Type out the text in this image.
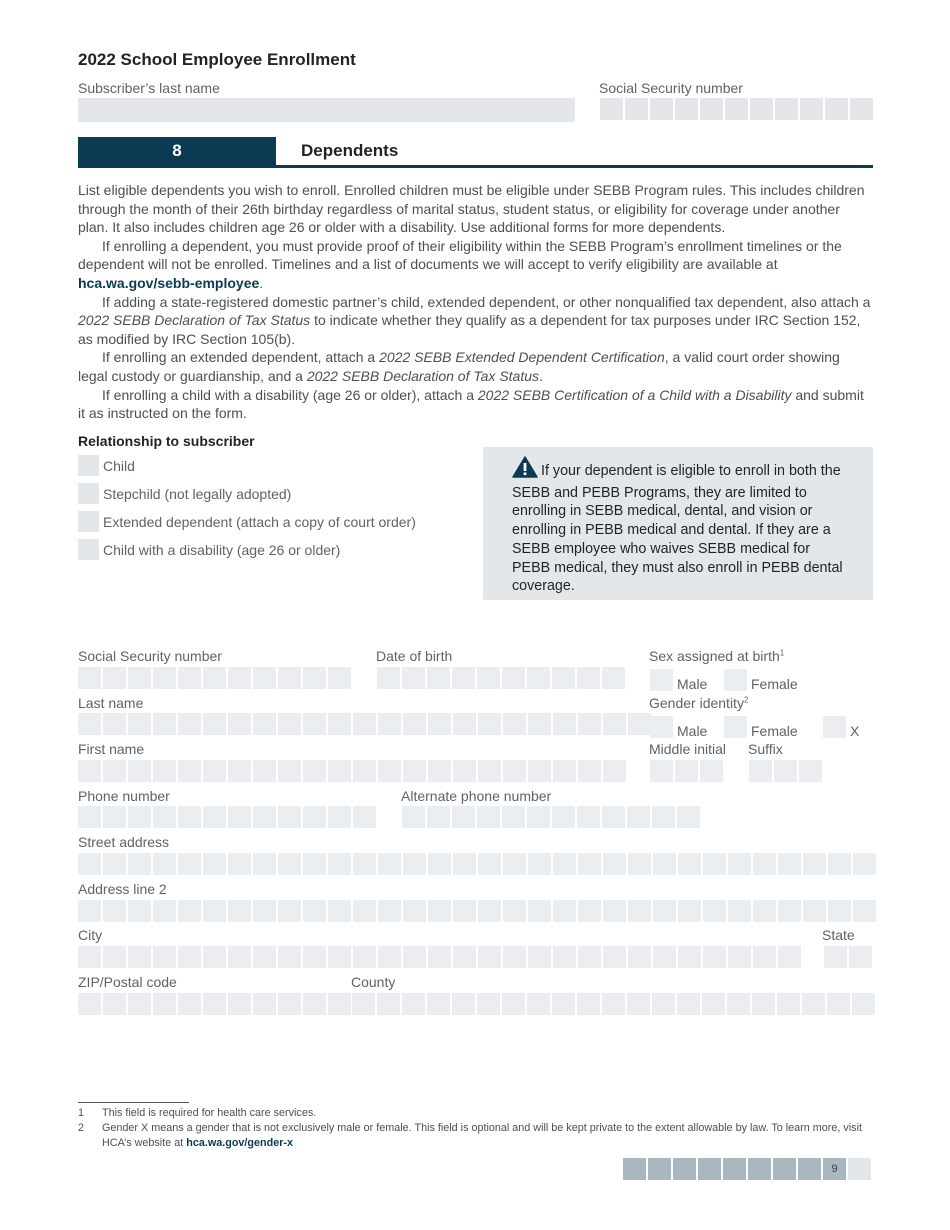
2022 School Employee Enrollment
Subscriber’s last name	Social Security number
8	Dependents

List eligible dependents you wish to enroll. Enrolled children must be eligible under SEBB Program rules. This includes children through the month of their 26th birthday regardless of marital status, student status, or eligibility for coverage under another plan. It also includes children age 26 or older with a disability. Use additional forms for more dependents.

If enrolling a dependent, you must provide proof of their eligibility within the SEBB Program’s enrollment timelines or the dependent will not be enrolled. Timelines and a list of documents we will accept to verify eligibility are available at hca.wa.gov/sebb-employee.

If adding a state-registered domestic partner’s child, extended dependent, or other nonqualified tax dependent, also attach a 2022 SEBB Declaration of Tax Status to indicate whether they qualify as a dependent for tax purposes under IRC Section 152, as modified by IRC Section 105(b).

If enrolling an extended dependent, attach a 2022 SEBB Extended Dependent Certification, a valid court order showing legal custody or guardianship, and a 2022 SEBB Declaration of Tax Status.

If enrolling a child with a disability (age 26 or older), attach a 2022 SEBB Certification of a Child with a Disability and submit it as instructed on the form.

Relationship to subscriber
Child
Stepchild (not legally adopted)
Extended dependent (attach a copy of court order)
Child with a disability (age 26 or older)
If your dependent is eligible to enroll in both the SEBB and PEBB Programs, they are limited to enrolling in SEBB medical, dental, and vision or enrolling in PEBB medical and dental. If they are a SEBB employee who waives SEBB medical for PEBB medical, they must also enroll in PEBB dental coverage.
Social Security number	Date of birth	Sex assigned at birth$^1$
Male	Female
Last name	Gender identity$^2$
Male	Female	X
First name	Middle initial Suffix
Phone number	Alternate phone number
Street address
Address line 2
City	State
ZIP/Postal code	County
1 This field is required for health care services.
2 Gender X means a gender that is not exclusively male or female. This field is optional and will be kept private to the extent allowable by law. To learn more, visit HCA’s website at hca.wa.gov/gender-x
9
